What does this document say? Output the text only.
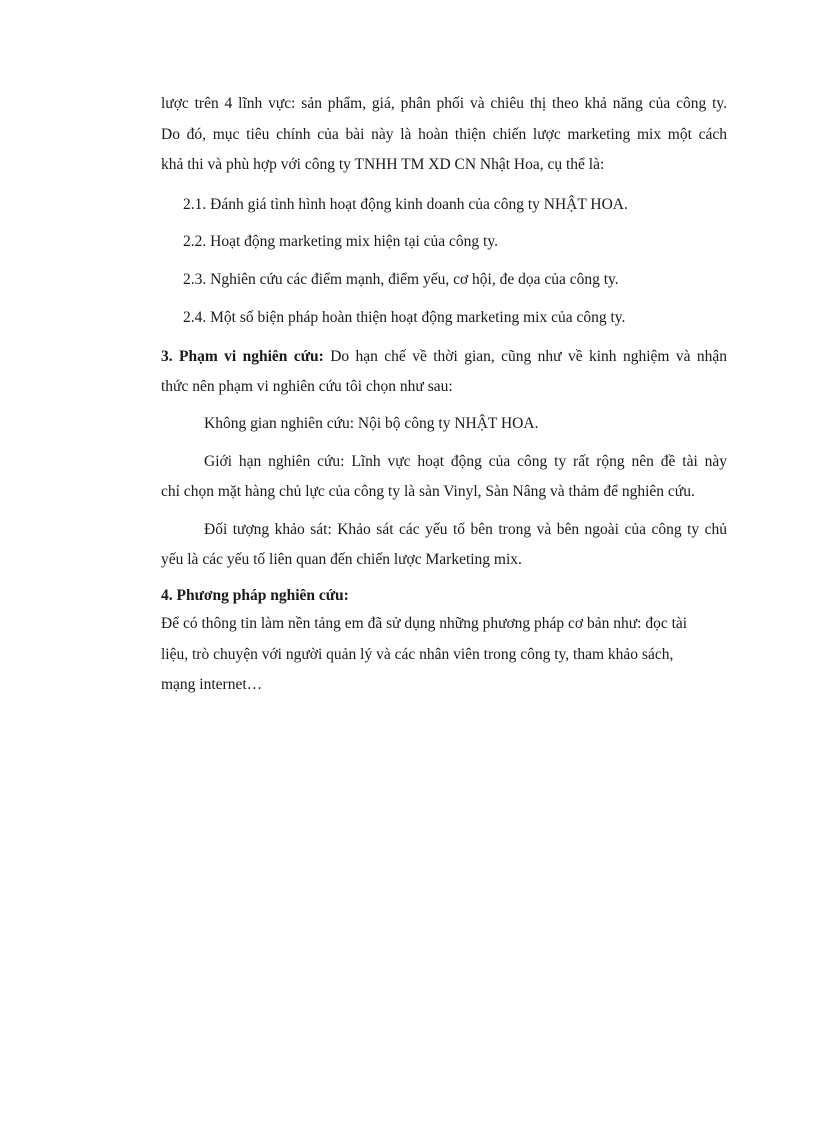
lược trên 4 lĩnh vực: sản phẩm, giá, phân phối và chiêu thị theo khả năng của công ty.
Do đó, mục tiêu chính của bài này là hoàn thiện chiến lược marketing mix một cách
khả thi và phù hợp với công ty TNHH TM XD CN Nhật Hoa, cụ thể là:
2.1. Đánh giá tình hình hoạt động kinh doanh của công ty NHẬT HOA.
2.2. Hoạt động marketing mix hiện tại của công ty.
2.3. Nghiên cứu các điểm mạnh, điểm yếu, cơ hội, đe dọa của công ty.
2.4. Một số biện pháp hoàn thiện hoạt động marketing mix của công ty.
3. Phạm vi nghiên cứu: Do hạn chế về thời gian, cũng như về kinh nghiệm và nhận
thức nên phạm vi nghiên cứu tôi chọn như sau:
Không gian nghiên cứu: Nội bộ công ty NHẬT HOA.
Giới hạn nghiên cứu: Lĩnh vực hoạt động của công ty rất rộng nên đề tài này
chỉ chọn mặt hàng chủ lực của công ty là sàn Vinyl, Sàn Nâng và thảm để nghiên cứu.
Đối tượng khảo sát: Khảo sát các yếu tố bên trong và bên ngoài của công ty chủ
yếu là các yếu tố liên quan đến chiến lược Marketing mix.
4. Phương pháp nghiên cứu:
Để có thông tin làm nền tảng em đã sử dụng những phương pháp cơ bản như: đọc tài
liệu, trò chuyện với người quản lý và các nhân viên trong công ty, tham khảo sách,
mạng internet…
